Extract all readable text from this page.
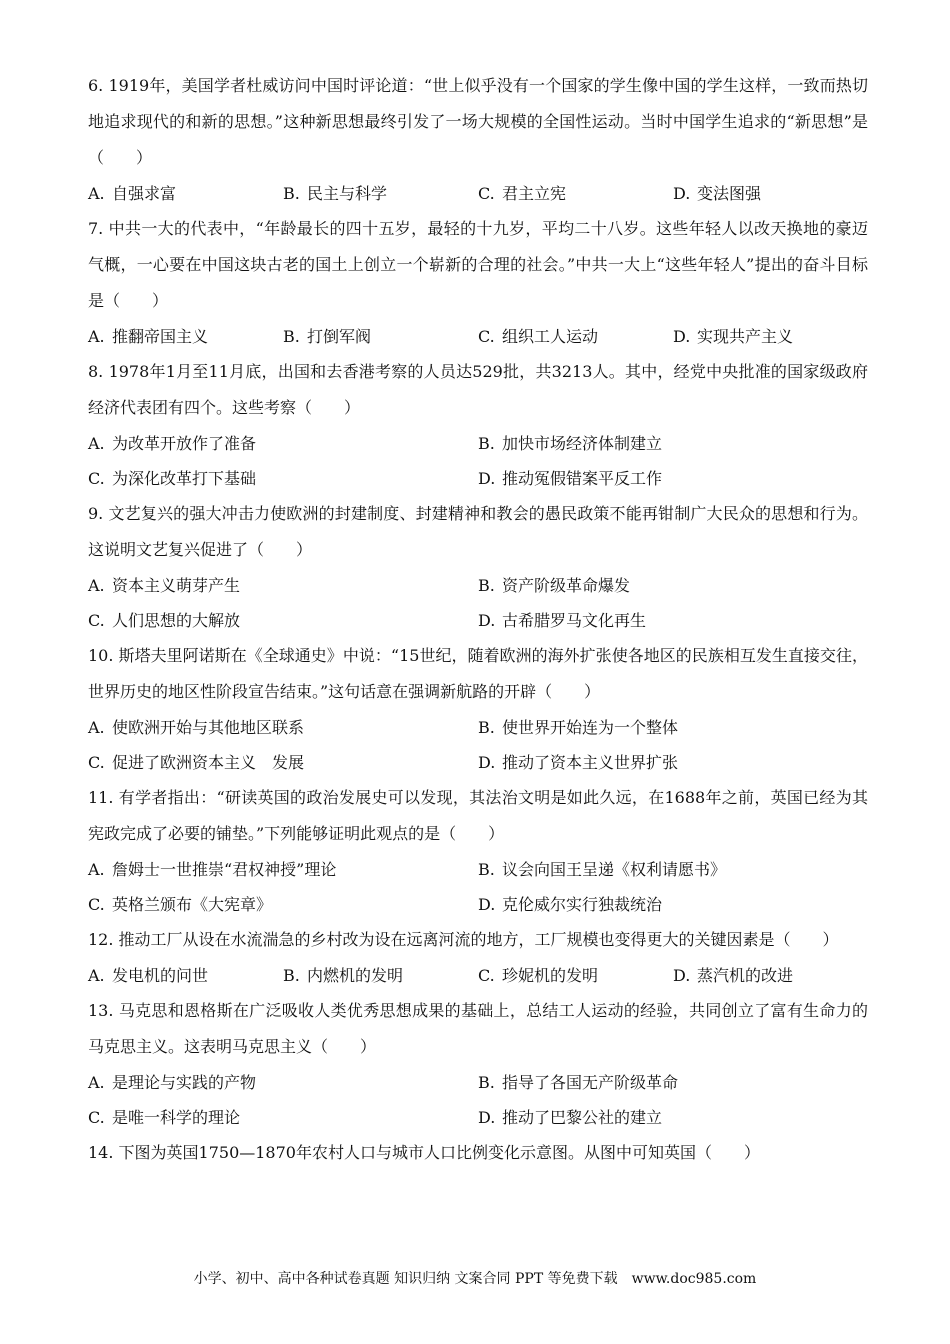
6. 1919年，美国学者杜威访问中国时评论道：“世上似乎没有一个国家的学生像中国的学生这样，一致而热切地追求现代的和新的思想。”这种新思想最终引发了一场大规模的全国性运动。当时中国学生追求的“新思想”是（　　）

A. 自强求富	B. 民主与科学	C. 君主立宪	D. 变法图强

7. 中共一大的代表中，“年龄最长的四十五岁，最轻的十九岁，平均二十八岁。这些年轻人以改天换地的豪迈气概，一心要在中国这块古老的国土上创立一个崭新的合理的社会。”中共一大上“这些年轻人”提出的奋斗目标是（　　）

A. 推翻帝国主义	B. 打倒军阀	C. 组织工人运动	D. 实现共产主义

8. 1978年1月至11月底，出国和去香港考察的人员达529批，共3213人。其中，经党中央批准的国家级政府经济代表团有四个。这些考察（　　）

A. 为改革开放作了准备	B. 加快市场经济体制建立
C. 为深化改革打下基础	D. 推动冤假错案平反工作

9. 文艺复兴的强大冲击力使欧洲的封建制度、封建精神和教会的愚民政策不能再钳制广大民众的思想和行为。这说明文艺复兴促进了（　　）

A. 资本主义萌芽产生	B. 资产阶级革命爆发
C. 人们思想的大解放	D. 古希腊罗马文化再生

10. 斯塔夫里阿诺斯在《全球通史》中说：“15世纪，随着欧洲的海外扩张使各地区的民族相互发生直接交往，世界历史的地区性阶段宣告结束。”这句话意在强调新航路的开辟（　　）

A. 使欧洲开始与其他地区联系	B. 使世界开始连为一个整体
C. 促进了欧洲资本主义　发展	D. 推动了资本主义世界扩张

11. 有学者指出：“研读英国的政治发展史可以发现，其法治文明是如此久远，在1688年之前，英国已经为其宪政完成了必要的铺垫。”下列能够证明此观点的是（　　）

A. 詹姆士一世推崇“君权神授”理论	B. 议会向国王呈递《权利请愿书》
C. 英格兰颁布《大宪章》	D. 克伦威尔实行独裁统治

12. 推动工厂从设在水流湍急的乡村改为设在远离河流的地方，工厂规模也变得更大的关键因素是（　　）

A. 发电机的问世	B. 内燃机的发明	C. 珍妮机的发明	D. 蒸汽机的改进

13. 马克思和恩格斯在广泛吸收人类优秀思想成果的基础上，总结工人运动的经验，共同创立了富有生命力的马克思主义。这表明马克思主义（　　）

A. 是理论与实践的产物	B. 指导了各国无产阶级革命
C. 是唯一科学的理论	D. 推动了巴黎公社的建立

14. 下图为英国1750—1870年农村人口与城市人口比例变化示意图。从图中可知英国（　　）

小学、初中、高中各种试卷真题 知识归纳 文案合同 PPT 等免费下载　www.doc985.com
